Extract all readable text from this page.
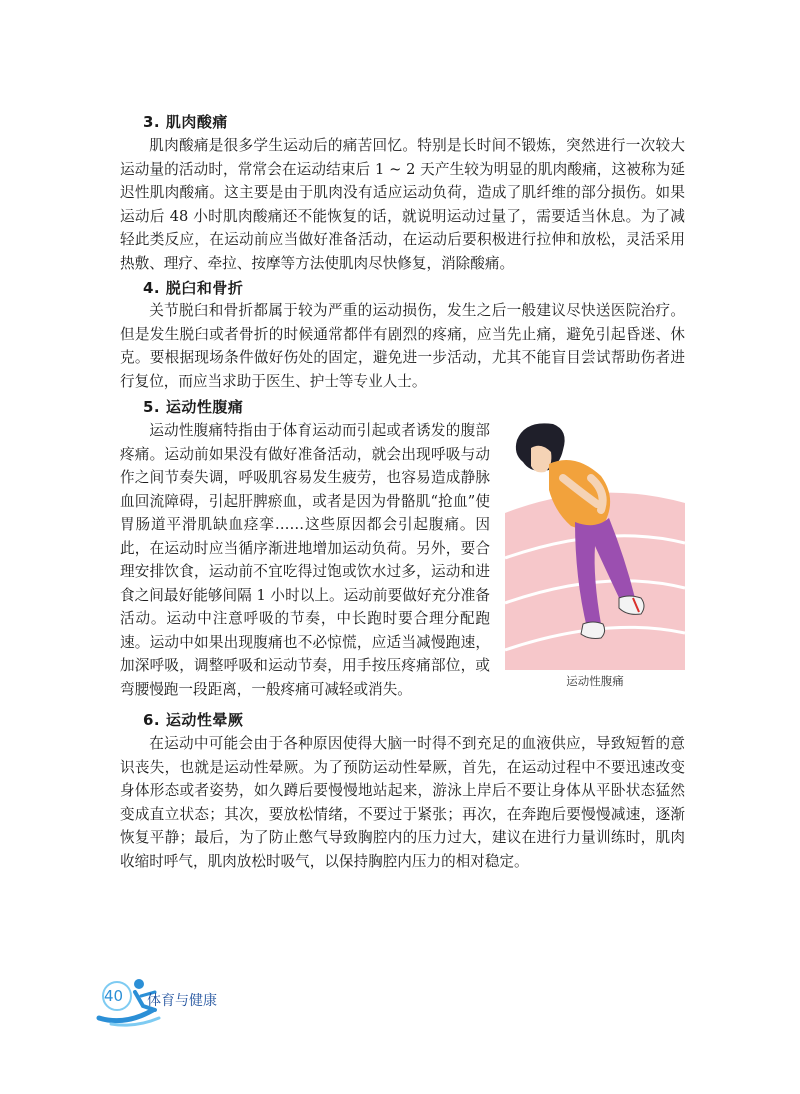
3. 肌肉酸痛

肌肉酸痛是很多学生运动后的痛苦回忆。特别是长时间不锻炼，突然进行一次较大运动量的活动时，常常会在运动结束后 1 ~ 2 天产生较为明显的肌肉酸痛，这被称为延迟性肌肉酸痛。这主要是由于肌肉没有适应运动负荷，造成了肌纤维的部分损伤。如果运动后 48 小时肌肉酸痛还不能恢复的话，就说明运动过量了，需要适当休息。为了减轻此类反应，在运动前应当做好准备活动，在运动后要积极进行拉伸和放松，灵活采用热敷、理疗、牵拉、按摩等方法使肌肉尽快修复，消除酸痛。

4. 脱臼和骨折

关节脱臼和骨折都属于较为严重的运动损伤，发生之后一般建议尽快送医院治疗。但是发生脱臼或者骨折的时候通常都伴有剧烈的疼痛，应当先止痛，避免引起昏迷、休克。要根据现场条件做好伤处的固定，避免进一步活动，尤其不能盲目尝试帮助伤者进行复位，而应当求助于医生、护士等专业人士。

5. 运动性腹痛

运动性腹痛特指由于体育运动而引起或者诱发的腹部疼痛。运动前如果没有做好准备活动，就会出现呼吸与动作之间节奏失调，呼吸肌容易发生疲劳，也容易造成静脉血回流障碍，引起肝脾瘀血，或者是因为骨骼肌“抢血”使胃肠道平滑肌缺血痉挛……这些原因都会引起腹痛。因此，在运动时应当循序渐进地增加运动负荷。另外，要合理安排饮食，运动前不宜吃得过饱或饮水过多，运动和进食之间最好能够间隔 1 小时以上。运动前要做好充分准备活动。运动中注意呼吸的节奏，中长跑时要合理分配跑速。运动中如果出现腹痛也不必惊慌，应适当减慢跑速，加深呼吸，调整呼吸和运动节奏，用手按压疼痛部位，或弯腰慢跑一段距离，一般疼痛可减轻或消失。	运动性腹痛
6. 运动性晕厥

在运动中可能会由于各种原因使得大脑一时得不到充足的血液供应，导致短暂的意识丧失，也就是运动性晕厥。为了预防运动性晕厥，首先，在运动过程中不要迅速改变身体形态或者姿势，如久蹲后要慢慢地站起来，游泳上岸后不要让身体从平卧状态猛然变成直立状态；其次，要放松情绪，不要过于紧张；再次，在奔跑后要慢慢减速，逐渐恢复平静；最后，为了防止憋气导致胸腔内的压力过大，建议在进行力量训练时，肌肉收缩时呼气，肌肉放松时吸气，以保持胸腔内压力的相对稳定。

40 体育与健康
